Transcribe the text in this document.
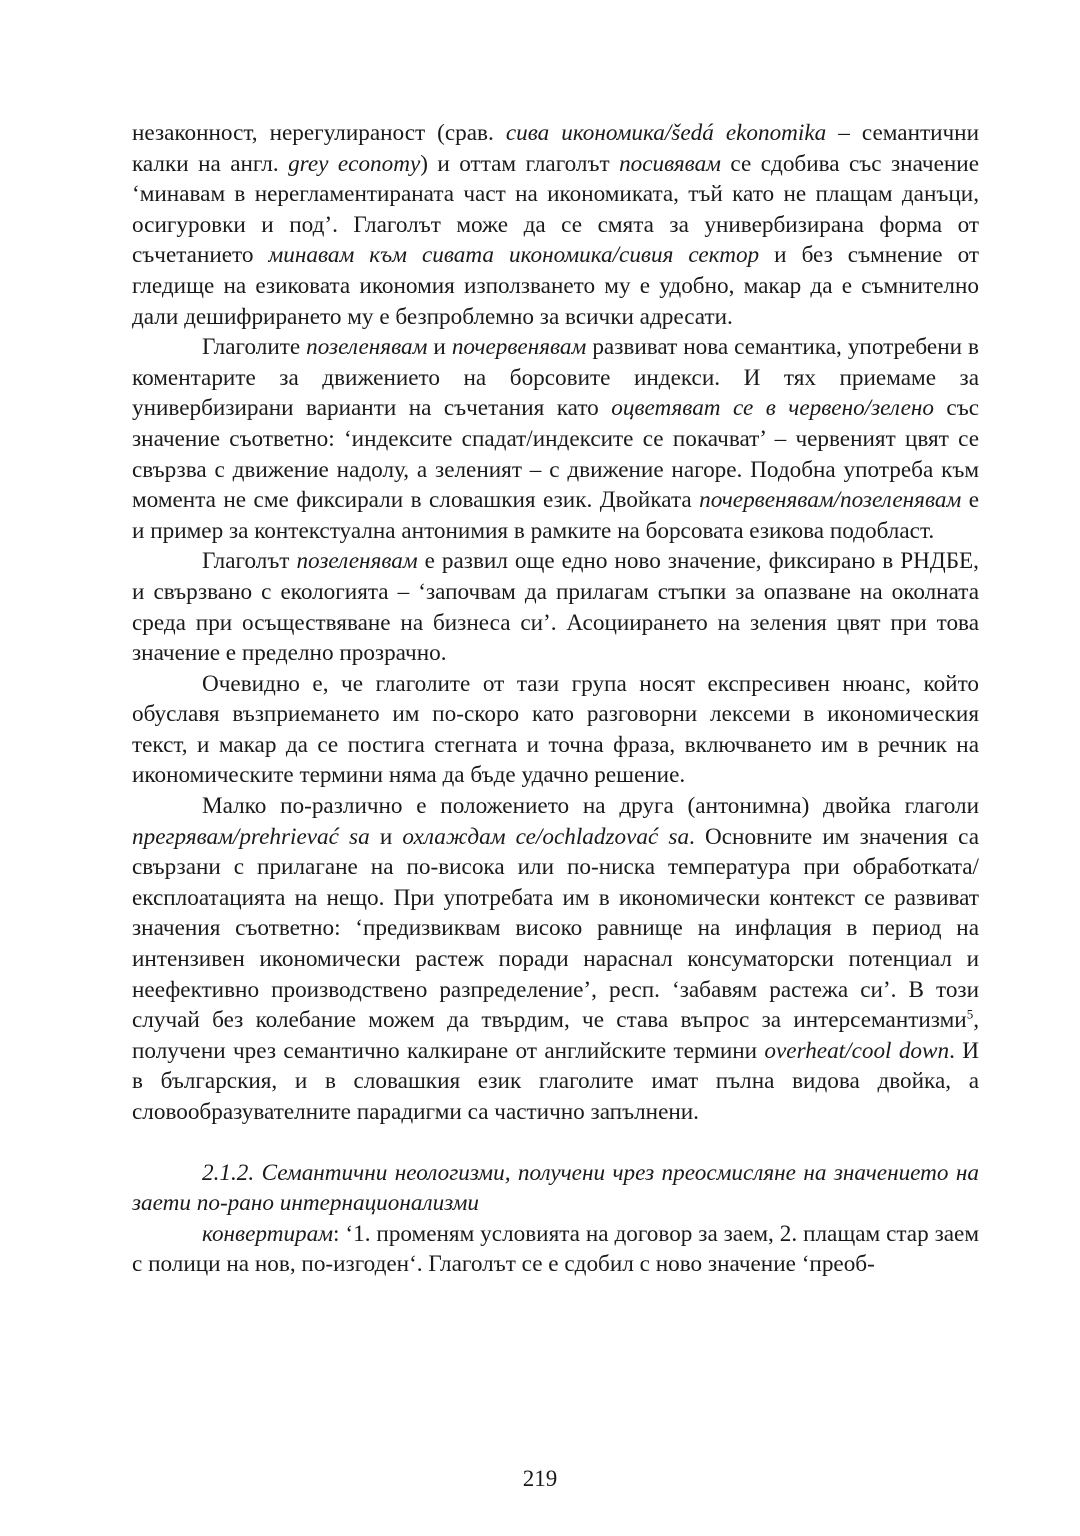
незаконност, нерегулираност (срав. сива икономика/šedá ekonomika – семантични калки на англ. grey economy) и оттам глаголът посивявам се сдобива със значение ‘минавам в нерегламентираната част на икономиката, тъй като не плащам данъци, осигуровки и под’. Глаголът може да се смята за универбизирана форма от съчетанието минавам към сивата икономика/сивия сектор и без съмнение от гледище на езиковата икономия използването му е удобно, макар да е съмнително дали дешифрирането му е безпроблемно за всички адресати.

Глаголите позеленявам и почервенявам развиват нова семантика, употребени в коментарите за движението на борсовите индекси. И тях приемаме за универбизирани варианти на съчетания като оцветяват се в червено/зелено със значение съответно: ‘индексите спадат/индексите се покачват’ – червеният цвят се свързва с движение надолу, а зеленият – с движение нагоре. Подобна употреба към момента не сме фиксирали в словашкия език. Двойката почервенявам/позеленявам е и пример за контекстуална антонимия в рамките на борсовата езикова подобласт.

Глаголът позеленявам е развил още едно ново значение, фиксирано в РНДБЕ, и свързвано с екологията – ‘започвам да прилагам стъпки за опазване на околната среда при осъществяване на бизнеса си’. Асоциирането на зеления цвят при това значение е пределно прозрачно.

Очевидно е, че глаголите от тази група носят експресивен нюанс, който обуславя възприемането им по-скоро като разговорни лексеми в икономическия текст, и макар да се постига стегната и точна фраза, включването им в речник на икономическите термини няма да бъде удачно решение.

Малко по-различно е положението на друга (антонимна) двойка глаголи прегрявам/prehrievać sa и охлаждам се/ochladzovać sa. Основните им значения са свързани с прилагане на по-висока или по-ниска температура при обработката/експлоатацията на нещо. При употребата им в икономически контекст се развиват значения съответно: ‘предизвиквам високо равнище на инфлация в период на интензивен икономически растеж поради нараснал консуматорски потенциал и неефективно производствено разпределение’, респ. ‘забавям растежа си’. В този случай без колебание можем да твърдим, че става въпрос за интерсемантизми$^5$, получени чрез семантично калкиране от английските термини overheat/cool down. И в българския, и в словашкия език глаголите имат пълна видова двойка, а словообразувателните парадигми са частично запълнени.

2.1.2. Семантични неологизми, получени чрез преосмисляне на значението на заети по-рано интернационализми

конвертирам: ‘1. променям условията на договор за заем, 2. плащам стар заем с полици на нов, по-изгоден‘. Глаголът се е сдобил с ново значение ‘преоб-

219
